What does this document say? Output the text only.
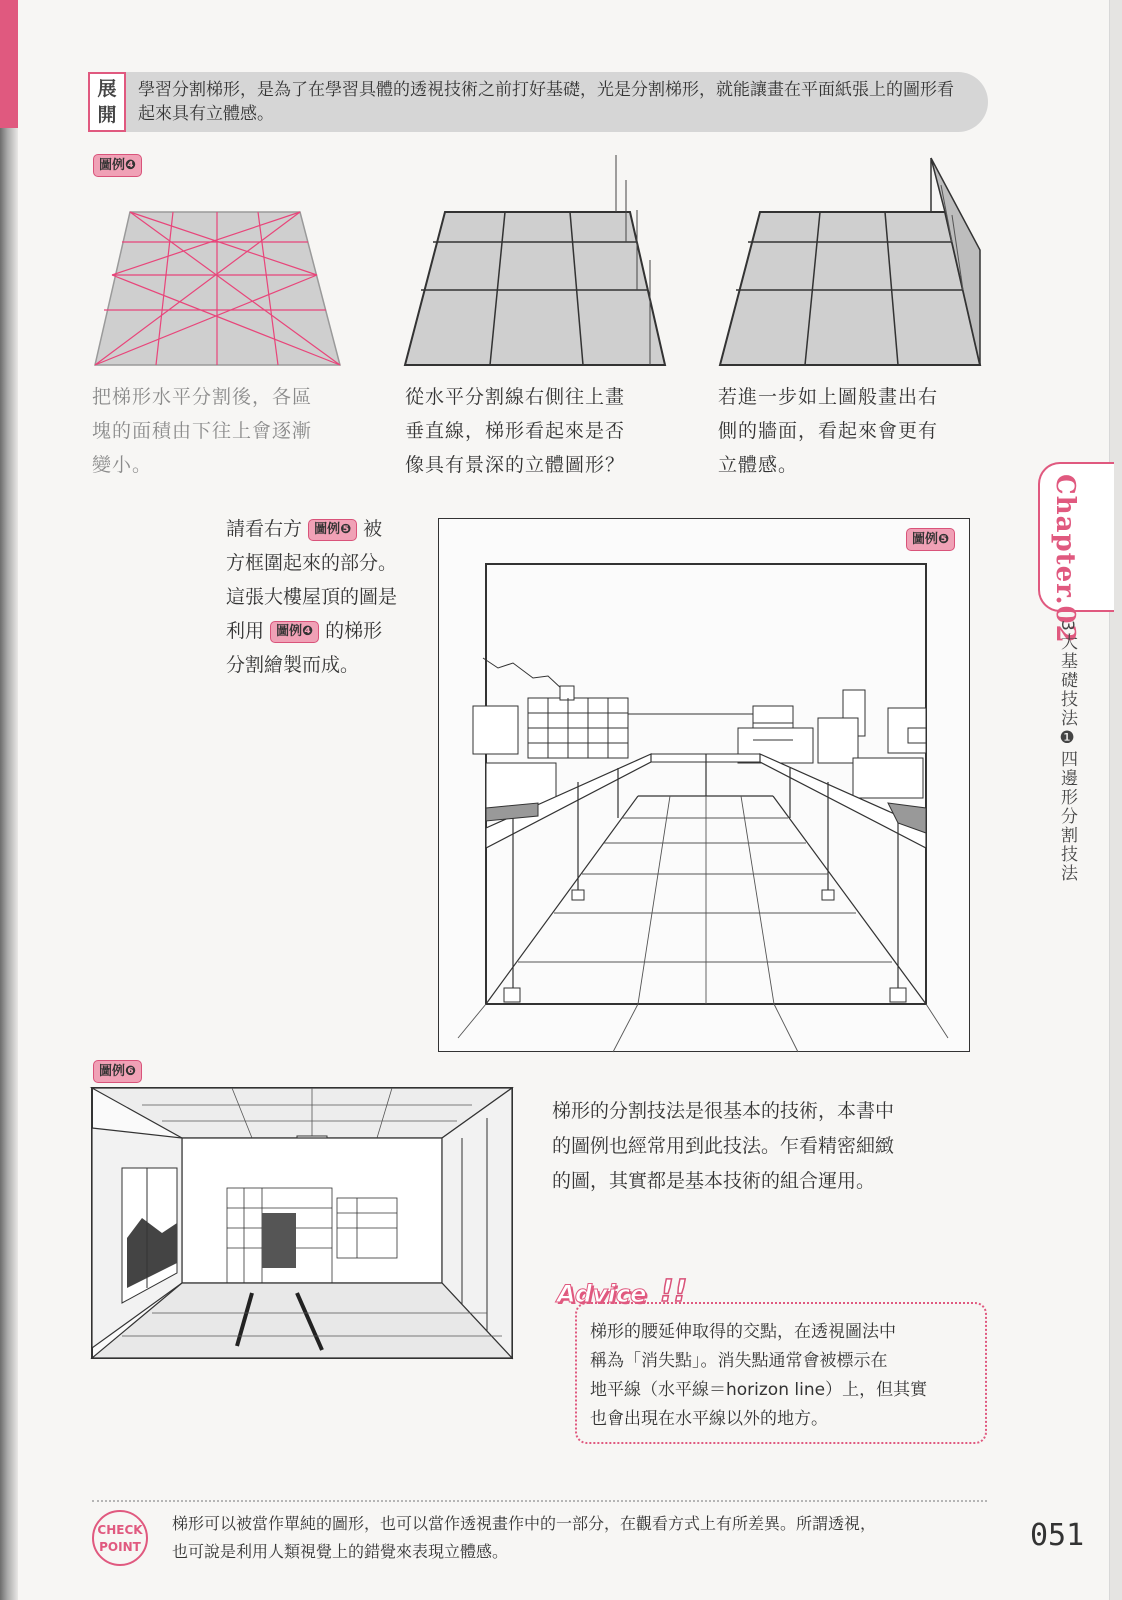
展
開
學習分割梯形，是為了在學習具體的透視技術之前打好基礎，光是分割梯形，就能讓畫在平面紙張上的圖形看起來具有立體感。
圖例❹
把梯形水平分割後，各區
塊的面積由下往上會逐漸
變小。
從水平分割線右側往上畫
垂直線，梯形看起來是否
像具有景深的立體圖形？
若進一步如上圖般畫出右
側的牆面，看起來會更有
立體感。
Chapter.02
3大基礎技法❶四邊形分割技法
請看右方 圖例❺ 被
方框圍起來的部分。
這張大樓屋頂的圖是
利用 圖例❹ 的梯形
分割繪製而成。
圖例❺
圖例❻
梯形的分割技法是很基本的技術，本書中
的圖例也經常用到此技法。乍看精密細緻
的圖，其實都是基本技術的組合運用。
Advice !!
梯形的腰延伸取得的交點，在透視圖法中
稱為「消失點」。消失點通常會被標示在
地平線（水平線＝horizon line）上，但其實
也會出現在水平線以外的地方。
CHECK
POINT
梯形可以被當作單純的圖形，也可以當作透視畫作中的一部分，在觀看方式上有所差異。所謂透視，
也可說是利用人類視覺上的錯覺來表現立體感。	051
